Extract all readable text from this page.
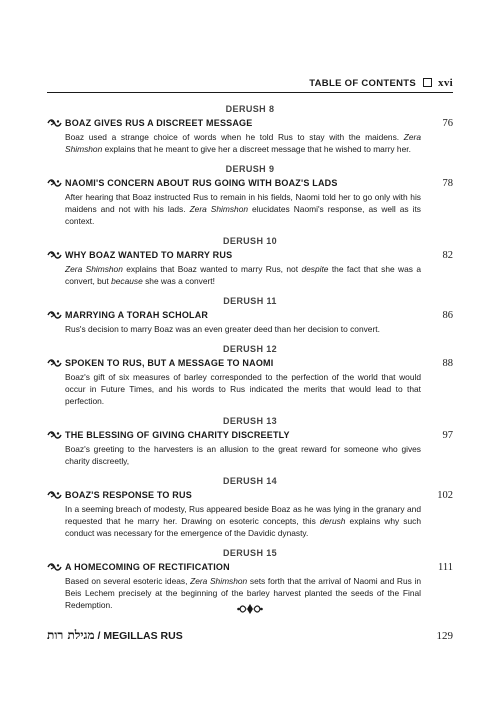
TABLE OF CONTENTS xvi
DERUSH 8
BOAZ GIVES RUS A DISCREET MESSAGE	76
Boaz used a strange choice of words when he told Rus to stay with the maidens. Zera Shimshon explains that he meant to give her a discreet message that he wished to marry her.
DERUSH 9
NAOMI'S CONCERN ABOUT RUS GOING WITH BOAZ'S LADS	78
After hearing that Boaz instructed Rus to remain in his fields, Naomi told her to go only with his maidens and not with his lads. Zera Shimshon elucidates Naomi's response, as well as its context.
DERUSH 10
WHY BOAZ WANTED TO MARRY RUS	82
Zera Shimshon explains that Boaz wanted to marry Rus, not despite the fact that she was a convert, but because she was a convert!
DERUSH 11
MARRYING A TORAH SCHOLAR	86
Rus's decision to marry Boaz was an even greater deed than her decision to convert.
DERUSH 12
SPOKEN TO RUS, BUT A MESSAGE TO NAOMI	88
Boaz's gift of six measures of barley corresponded to the perfection of the world that would occur in Future Times, and his words to Rus indicated the merits that would lead to that perfection.
DERUSH 13
THE BLESSING OF GIVING CHARITY DISCREETLY	97
Boaz's greeting to the harvesters is an allusion to the great reward for someone who gives charity discreetly,
DERUSH 14
BOAZ'S RESPONSE TO RUS	102
In a seeming breach of modesty, Rus appeared beside Boaz as he was lying in the granary and requested that he marry her. Drawing on esoteric concepts, this derush explains why such conduct was necessary for the emergence of the Davidic dynasty.
DERUSH 15
A HOMECOMING OF RECTIFICATION	111
Based on several esoteric ideas, Zera Shimshon sets forth that the arrival of Naomi and Rus in Beis Lechem precisely at the beginning of the barley harvest planted the seeds of the Final Redemption.
מגילת רות / MEGILLAS RUS	129
